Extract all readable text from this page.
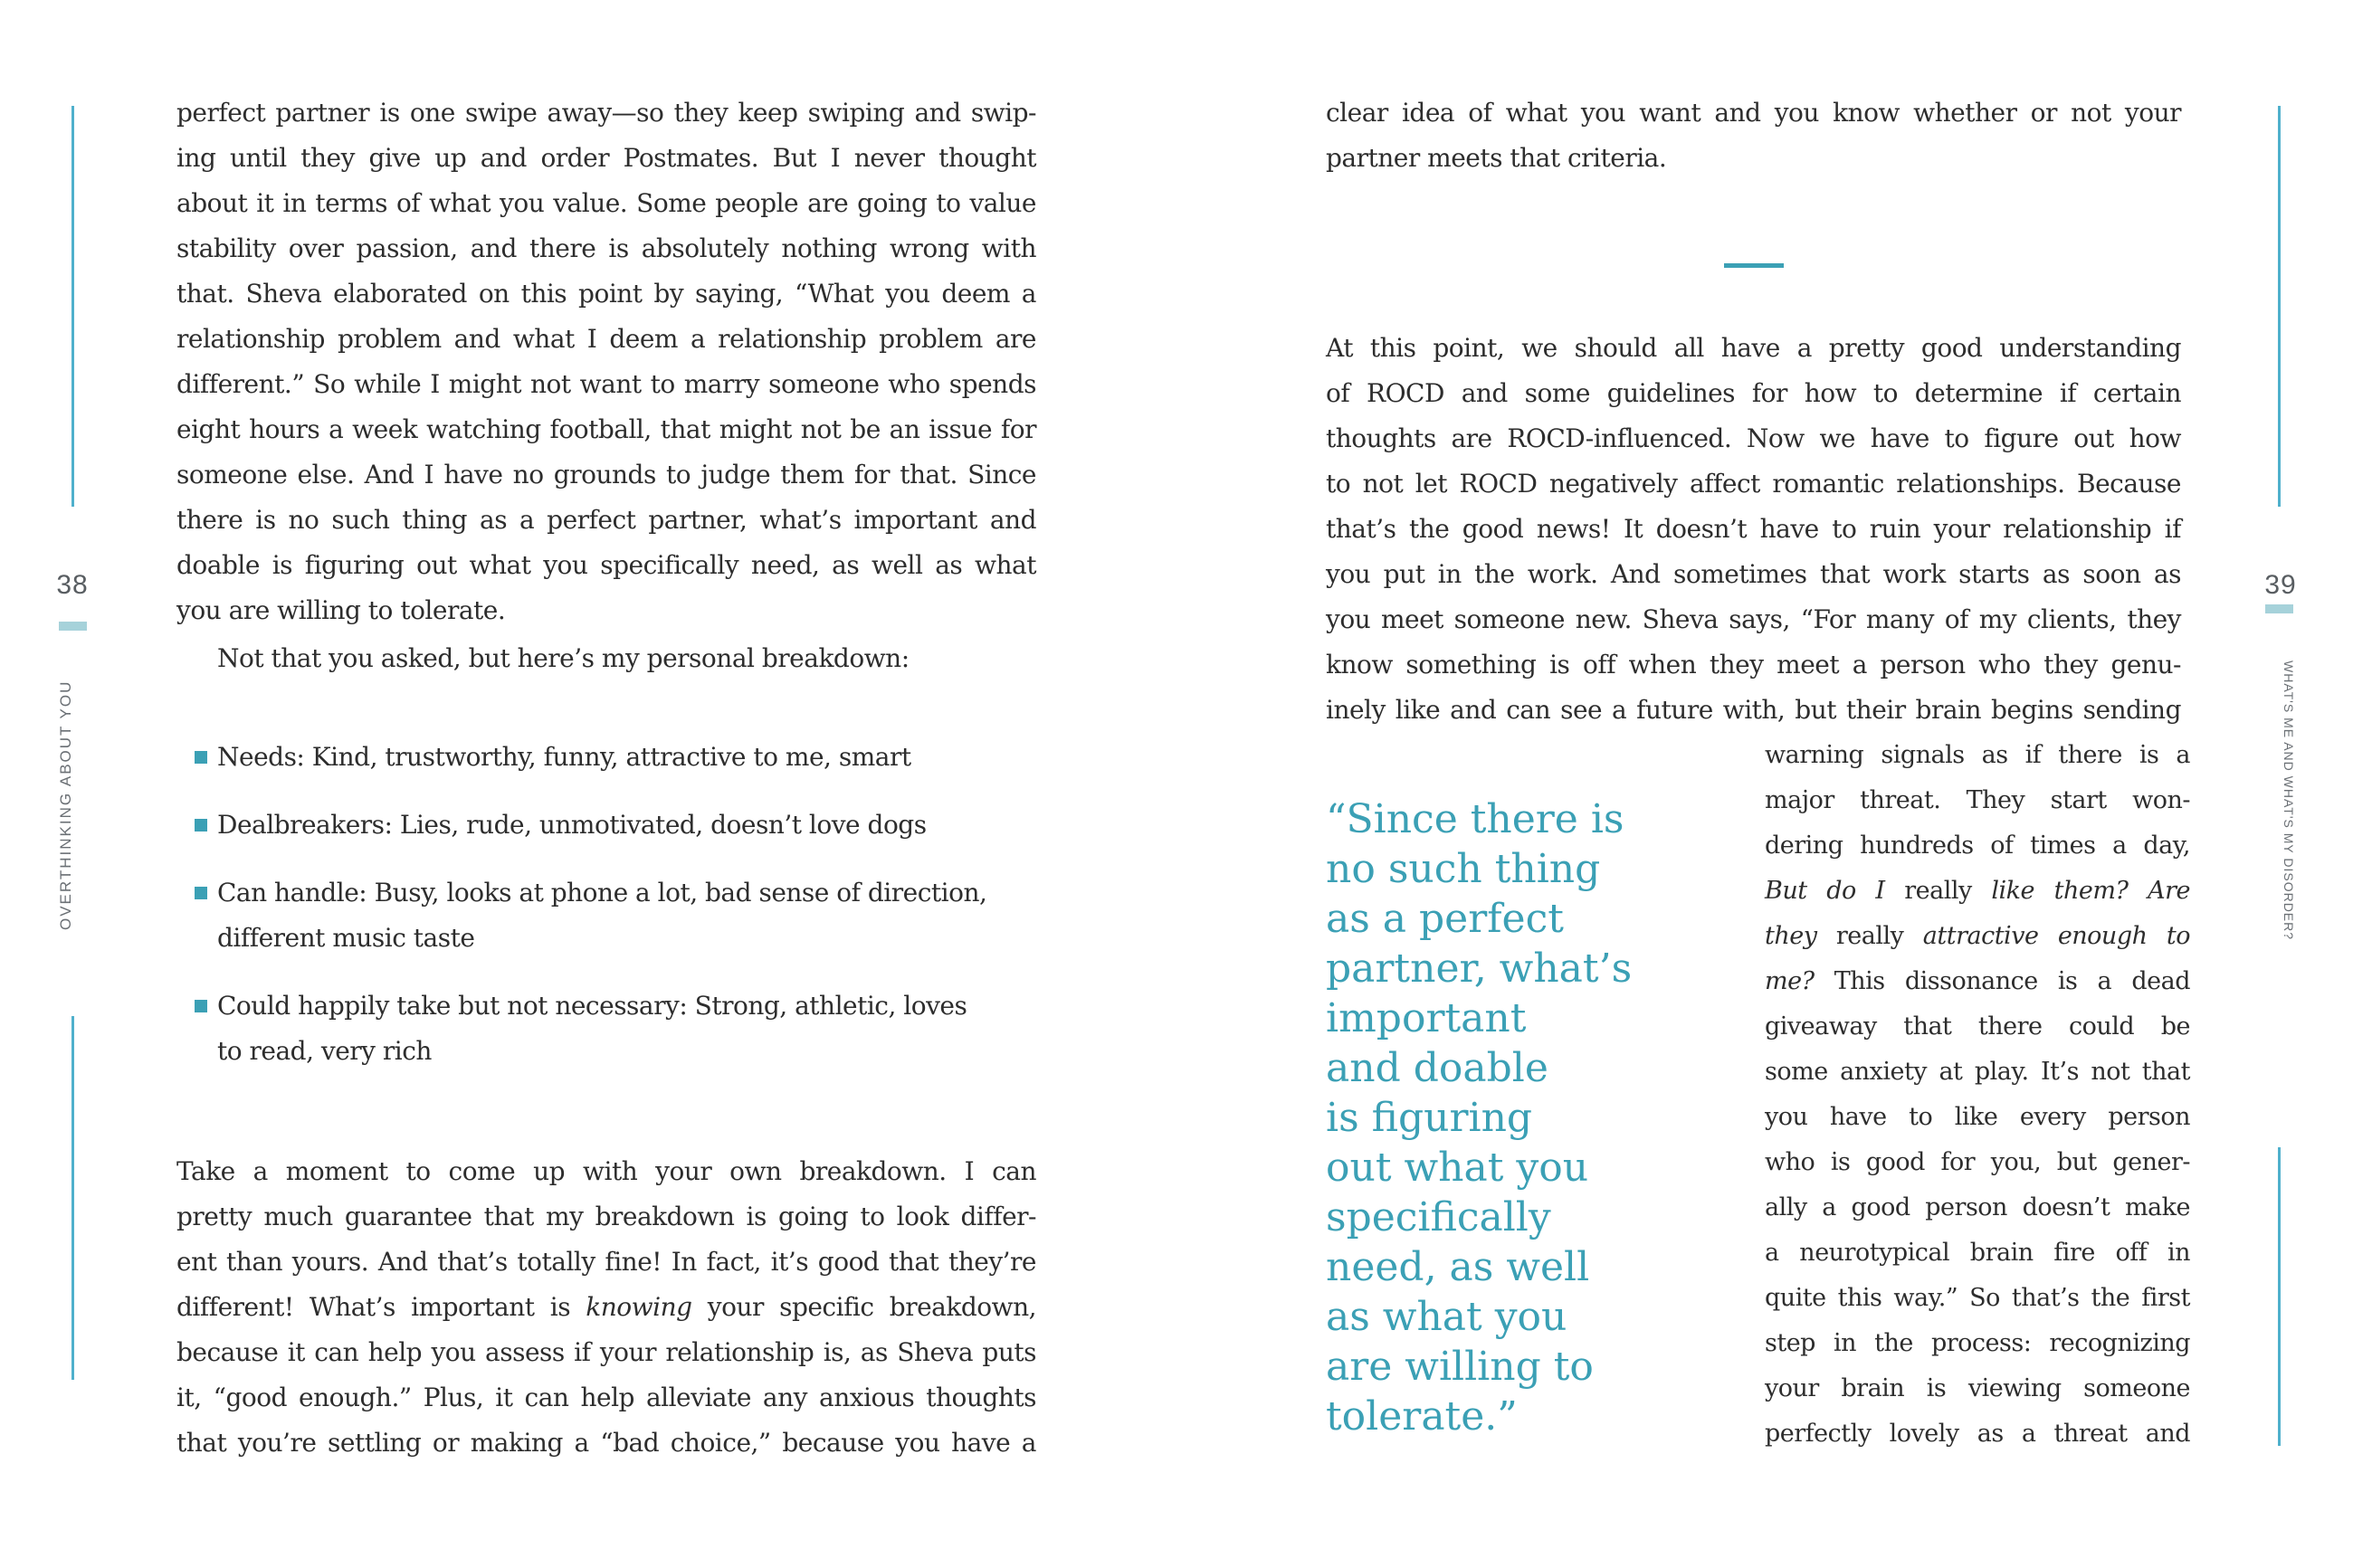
38
OVERTHINKING ABOUT YOU
perfect partner is one swipe away—so they keep swiping and swip-
ing until they give up and order Postmates. But I never thought
about it in terms of what you value. Some people are going to value
stability over passion, and there is absolutely nothing wrong with
that. Sheva elaborated on this point by saying, “What you deem a
relationship problem and what I deem a relationship problem are
different.” So while I might not want to marry someone who spends
eight hours a week watching football, that might not be an issue for
someone else. And I have no grounds to judge them for that. Since
there is no such thing as a perfect partner, what’s important and
doable is figuring out what you specifically need, as well as what
you are willing to tolerate.
Not that you asked, but here’s my personal breakdown:
Needs: Kind, trustworthy, funny, attractive to me, smart
Dealbreakers: Lies, rude, unmotivated, doesn’t love dogs
Can handle: Busy, looks at phone a lot, bad sense of direction, different music taste
Could happily take but not necessary: Strong, athletic, loves to read, very rich
Take a moment to come up with your own breakdown. I can
pretty much guarantee that my breakdown is going to look differ-
ent than yours. And that’s totally fine! In fact, it’s good that they’re
different! What’s important is knowing your specific breakdown,
because it can help you assess if your relationship is, as Sheva puts
it, “good enough.” Plus, it can help alleviate any anxious thoughts
that you’re settling or making a “bad choice,” because you have a
39
WHAT'S ME AND WHAT'S MY DISORDER?
clear idea of what you want and you know whether or not your
partner meets that criteria.
At this point, we should all have a pretty good understanding
of ROCD and some guidelines for how to determine if certain
thoughts are ROCD-influenced. Now we have to figure out how
to not let ROCD negatively affect romantic relationships. Because
that’s the good news! It doesn’t have to ruin your relationship if
you put in the work. And sometimes that work starts as soon as
you meet someone new. Sheva says, “For many of my clients, they
know something is off when they meet a person who they genu-
inely like and can see a future with, but their brain begins sending
“Since there is
no such thing
as a perfect
partner, what’s
important
and doable
is figuring
out what you
specifically
need, as well
as what you
are willing to
tolerate.”
warning signals as if there is a
major threat. They start won-
dering hundreds of times a day,
But do I really like them? Are
they really attractive enough to
me? This dissonance is a dead
giveaway that there could be
some anxiety at play. It’s not that
you have to like every person
who is good for you, but gener-
ally a good person doesn’t make
a neurotypical brain fire off in
quite this way.” So that’s the first
step in the process: recognizing
your brain is viewing someone
perfectly lovely as a threat and
